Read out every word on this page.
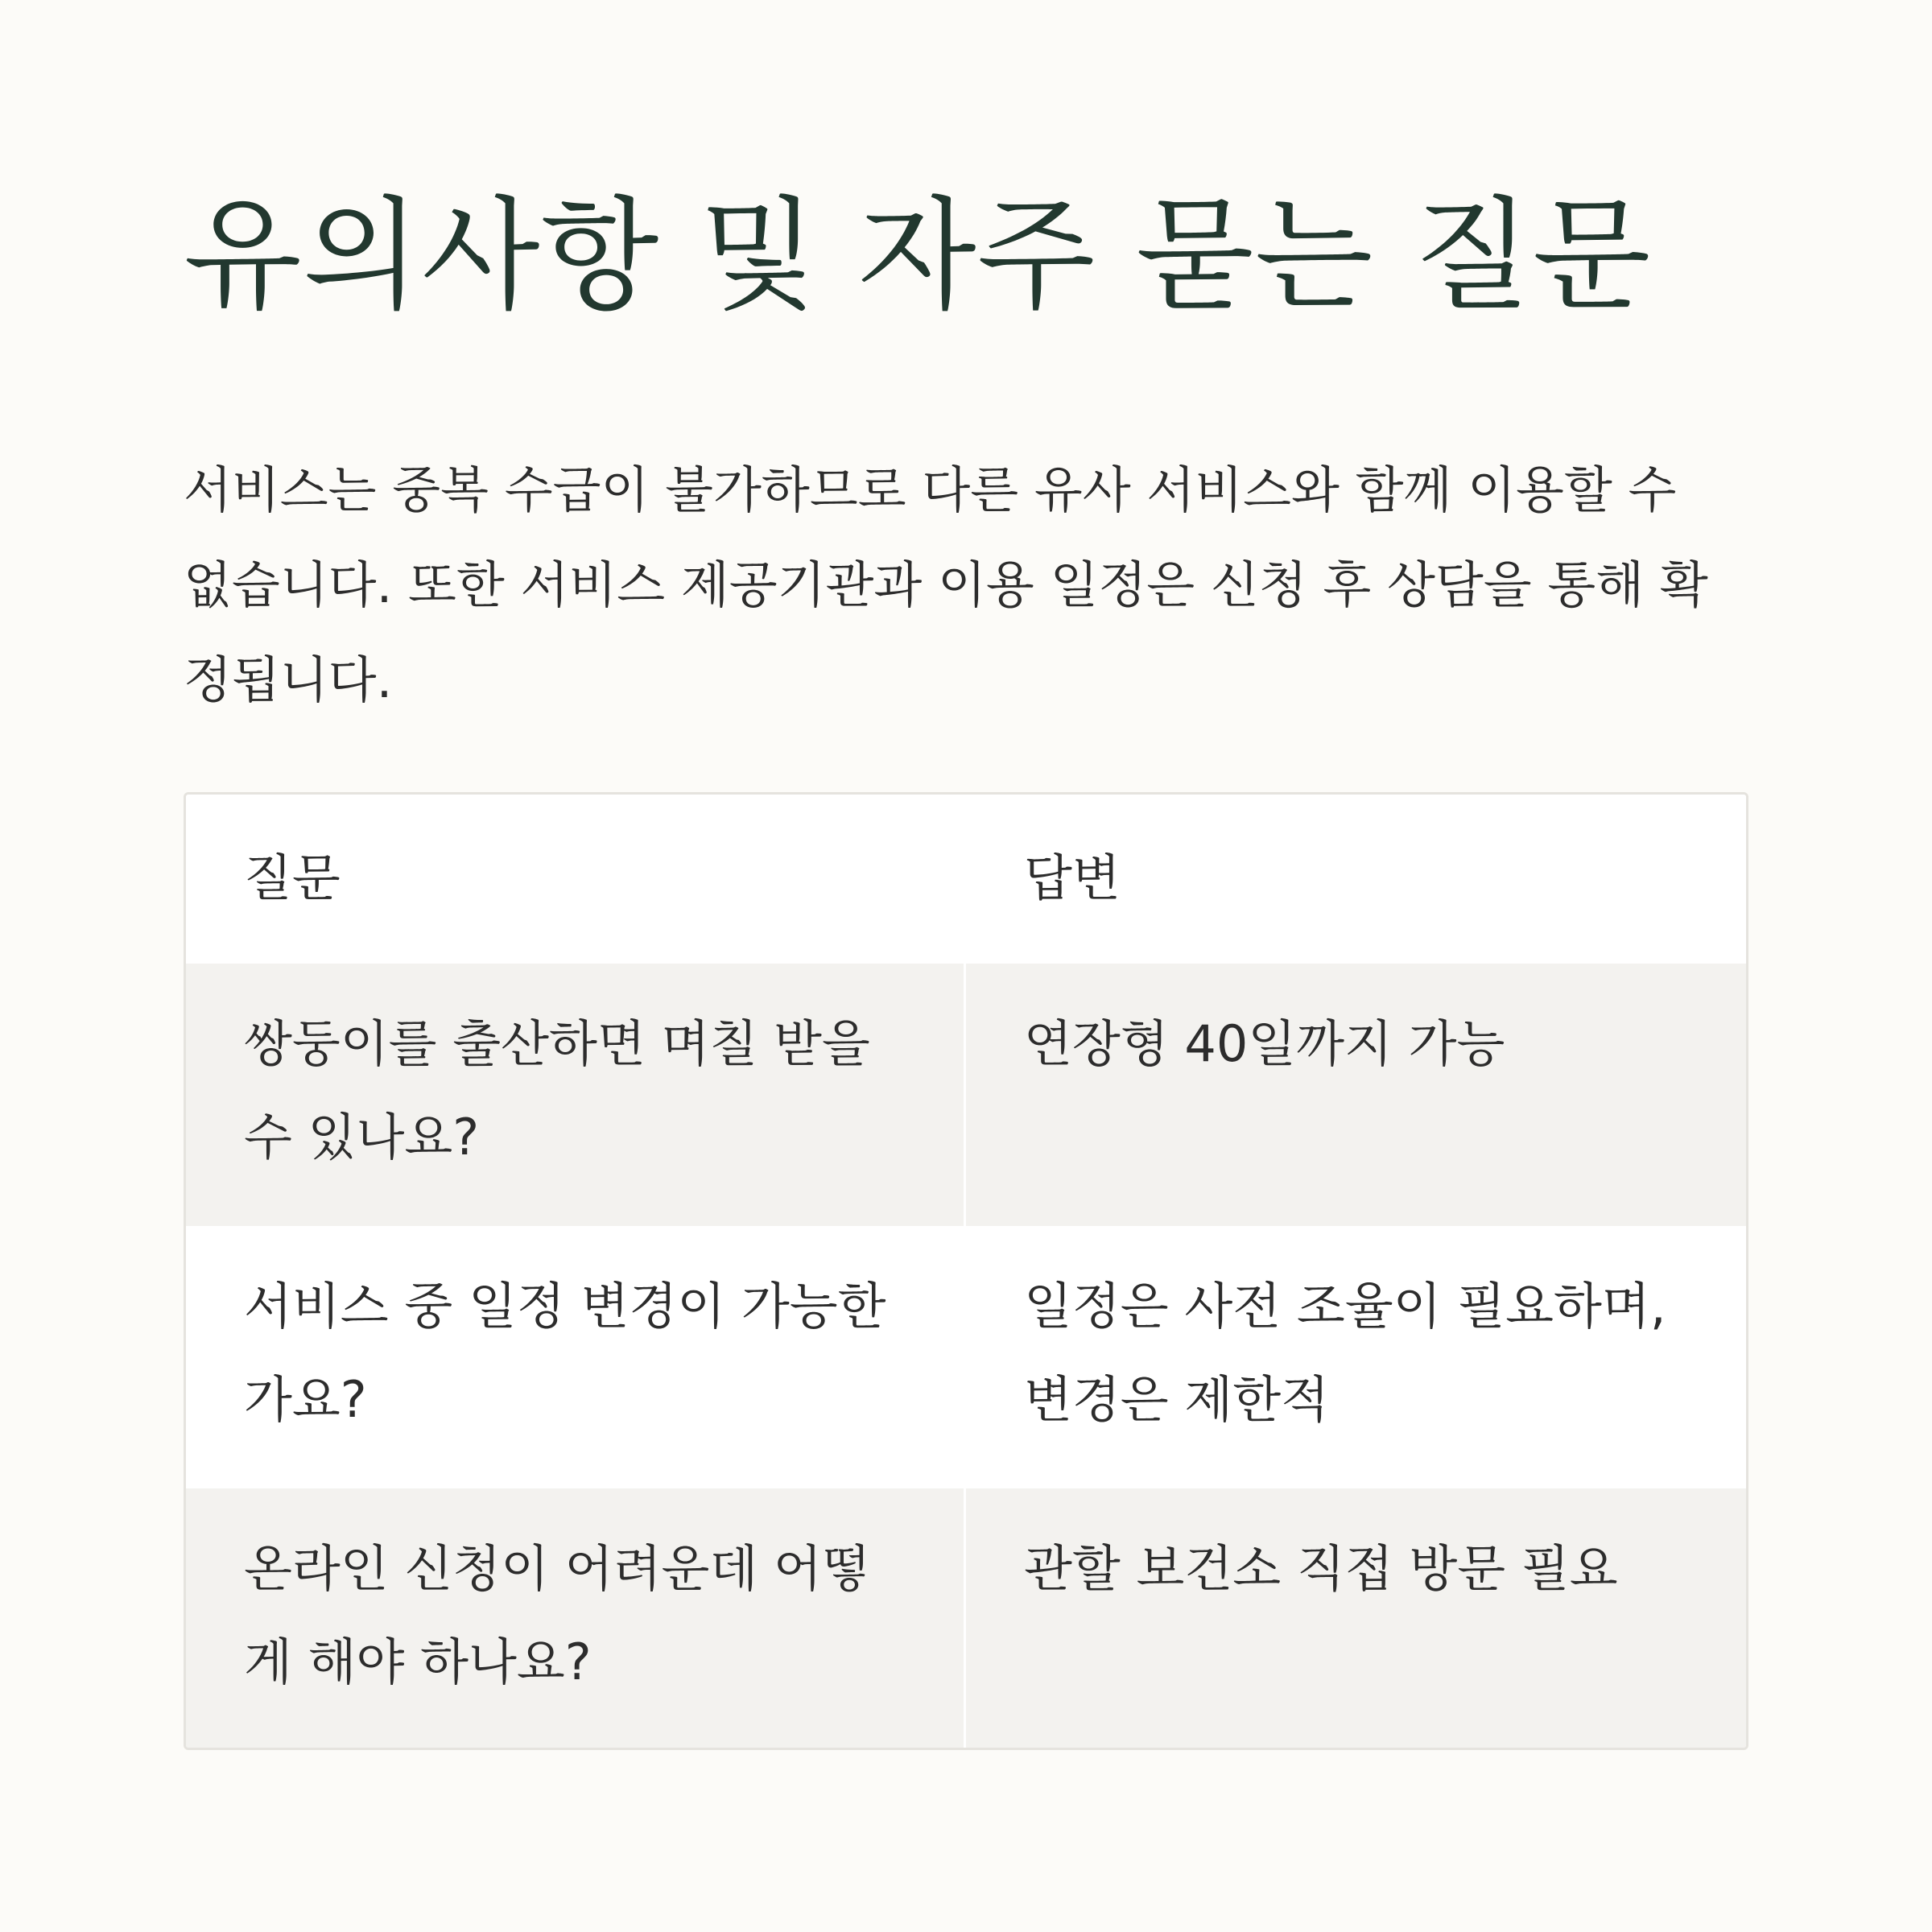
유의사항 및 자주 묻는 질문

서비스는 중복 수급이 불가하므로 다른 유사 서비스와 함께 이용할 수 없습니다. 또한 서비스 제공기관과 이용 일정은 신청 후 상담을 통해 확정됩니다.

질문	답변
쌍둥이를 출산하면 며칠 받을 수 있나요?
연장형 40일까지 가능
서비스 중 일정 변경이 가능한가요?
일정은 사전 조율이 필요하며, 변경은 제한적
온라인 신청이 어려운데 어떻게 해야 하나요?
관할 보건소 직접 방문 필요
